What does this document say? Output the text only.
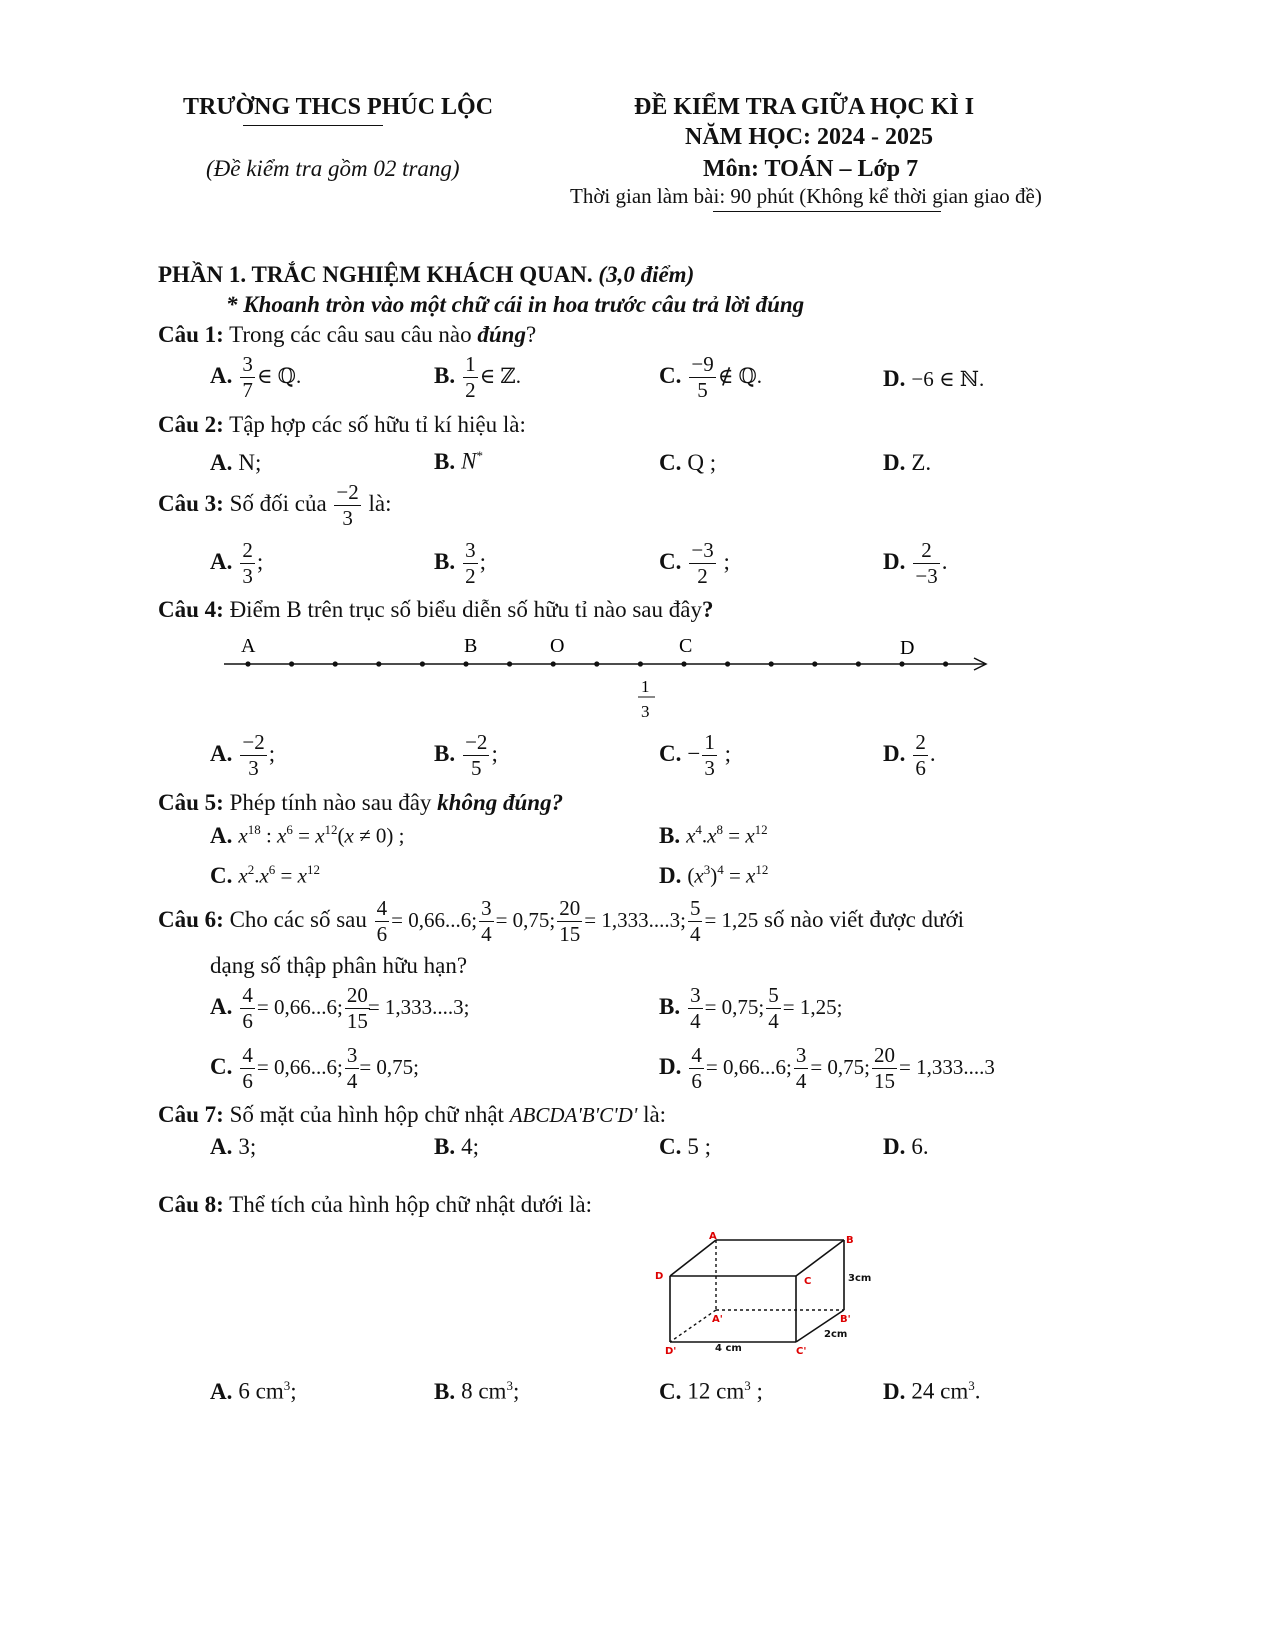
TRƯỜNG THCS PHÚC LỘC
(Đề kiểm tra gồm 02 trang)
ĐỀ KIỂM TRA GIỮA HỌC KÌ I
NĂM HỌC: 2024 - 2025
Môn: TOÁN – Lớp 7
Thời gian làm bài: 90 phút (Không kể thời gian giao đề)
PHẦN 1. TRẮC NGHIỆM KHÁCH QUAN. (3,0 điểm)
* Khoanh tròn vào một chữ cái in hoa trước câu trả lời đúng
Câu 1: Trong các câu sau câu nào đúng?
A. $\frac{3}{7}$ ∈ ℚ.	B. $\frac{1}{2}$ ∈ ℤ.	C. $\frac{-9}{5}$ ∉ ℚ.	D. −6 ∈ ℕ.
Câu 2: Tập hợp các số hữu tỉ kí hiệu là:
A. N;	B. N*	C. Q ;	D. Z.
Câu 3: Số đối của $\frac{-2}{3}$ là:
A. $\frac{2}{3}$ ;	B. $\frac{3}{2}$ ;	C. $\frac{-3}{2}$ ;	D. $\frac{2}{-3}$ .
Câu 4: Điểm B trên trục số biểu diễn số hữu tỉ nào sau đây?
A	B	O	C	D
1
3
A. $\frac{-2}{3}$ ;	B. $\frac{-2}{5}$ ;	C. − $\frac{1}{3}$ ;	D. $\frac{2}{6}$ .
Câu 5: Phép tính nào sau đây không đúng?
A. $x^{18}$ : $x^6 = x^{12}(x \ne 0)$ ;	B. $x^4.x^8 = x^{12}$
C. $x^2.x^6 = x^{12}$	D. $(x^3)^4 = x^{12}$
Câu 6: Cho các số sau $\frac{4}{6} = 0,66...6$; $\frac{3}{4} = 0,75$; $\frac{20}{15} = 1,333....3$; $\frac{5}{4} = 1,25$ số nào viết được dưới
dạng số thập phân hữu hạn?
A. $\frac{4}{6} = 0,66...6$; $\frac{20}{15}$
= 1,333....3;	B. $\frac{3}{4} = 0,75$; $\frac{5}{4} = 1,25$;
C. $\frac{4}{6} = 0,66...6$; $\frac{3}{4} = 0,75$;	D. $\frac{4}{6} = 0,66...6$; $\frac{3}{4} = 0,75$; $\frac{20}{15} = 1,333....3$
Câu 7: Số mặt của hình hộp chữ nhật ABCDA'B'C'D' là:
A. 3;	B. 4;	C. 5 ;	D. 6.
Câu 8: Thể tích của hình hộp chữ nhật dưới là:
A	B
C
D
A'	B'
C'
D'
3cm
2cm
4 cm
A. 6 $cm^3$;	B. 8 $cm^3$;	C. 12 $cm^3$ ;	D. 24 $cm^3$.
